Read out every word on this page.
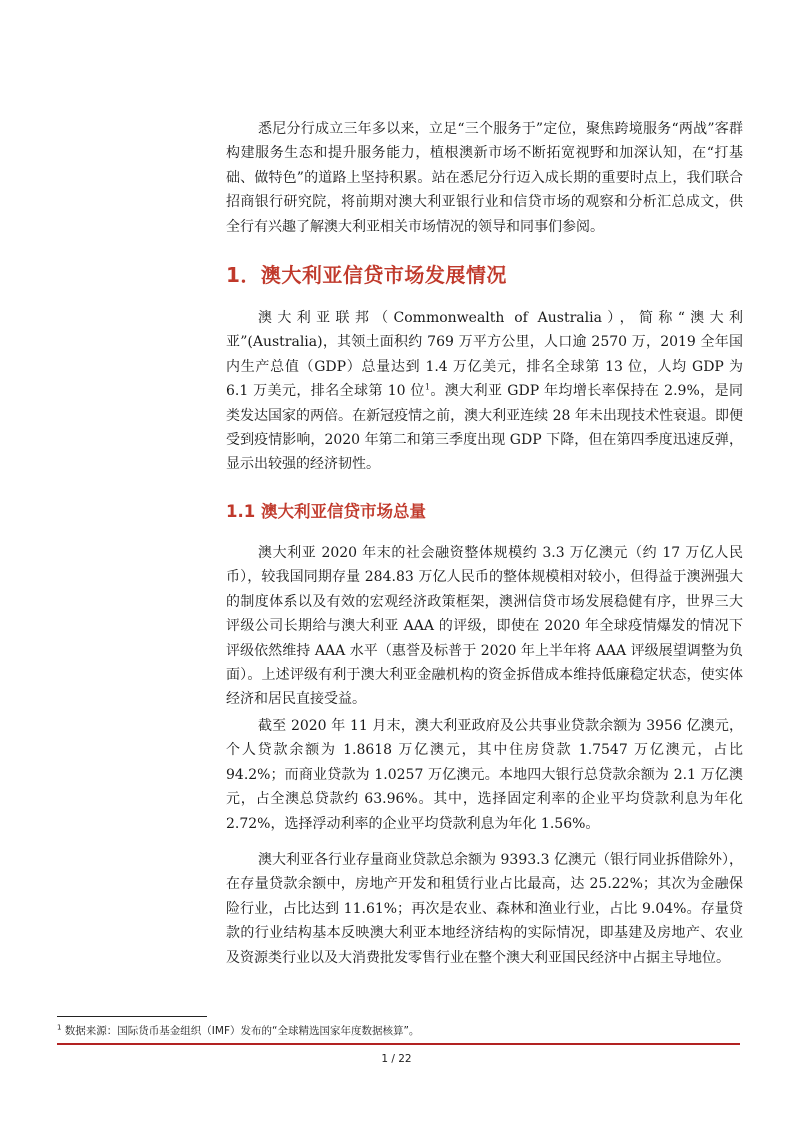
悉尼分行成立三年多以来，立足“三个服务于”定位，聚焦跨境服务“两战”客群构建服务生态和提升服务能力，植根澳新市场不断拓宽视野和加深认知，在“打基础、做特色”的道路上坚持积累。站在悉尼分行迈入成长期的重要时点上，我们联合招商银行研究院，将前期对澳大利亚银行业和信贷市场的观察和分析汇总成文，供全行有兴趣了解澳大利亚相关市场情况的领导和同事们参阅。

1．澳大利亚信贷市场发展情况

澳大利亚联邦（Commonwealth of Australia），简称“澳大利亚”(Australia)，其领土面积约 769 万平方公里，人口逾 2570 万，2019 全年国内生产总值（GDP）总量达到 1.4 万亿美元，排名全球第 13 位，人均 GDP 为 6.1 万美元，排名全球第 10 位$^1$。澳大利亚 GDP 年均增长率保持在 2.9%，是同类发达国家的两倍。在新冠疫情之前，澳大利亚连续 28 年未出现技术性衰退。即便受到疫情影响，2020 年第二和第三季度出现 GDP 下降，但在第四季度迅速反弹，显示出较强的经济韧性。

1.1 澳大利亚信贷市场总量

澳大利亚 2020 年末的社会融资整体规模约 3.3 万亿澳元（约 17 万亿人民币），较我国同期存量 284.83 万亿人民币的整体规模相对较小，但得益于澳洲强大的制度体系以及有效的宏观经济政策框架，澳洲信贷市场发展稳健有序，世界三大评级公司长期给与澳大利亚 AAA 的评级，即使在 2020 年全球疫情爆发的情况下评级依然维持 AAA 水平（惠誉及标普于 2020 年上半年将 AAA 评级展望调整为负面）。上述评级有利于澳大利亚金融机构的资金拆借成本维持低廉稳定状态，使实体经济和居民直接受益。

截至 2020 年 11 月末，澳大利亚政府及公共事业贷款余额为 3956 亿澳元，个人贷款余额为 1.8618 万亿澳元，其中住房贷款 1.7547 万亿澳元，占比 94.2%；而商业贷款为 1.0257 万亿澳元。本地四大银行总贷款余额为 2.1 万亿澳元，占全澳总贷款约 63.96%。其中，选择固定利率的企业平均贷款利息为年化 2.72%，选择浮动利率的企业平均贷款利息为年化 1.56%。

澳大利亚各行业存量商业贷款总余额为 9393.3 亿澳元（银行同业拆借除外），在存量贷款余额中，房地产开发和租赁行业占比最高，达 25.22%；其次为金融保险行业，占比达到 11.61%；再次是农业、森林和渔业行业，占比 9.04%。存量贷款的行业结构基本反映澳大利亚本地经济结构的实际情况，即基建及房地产、农业及资源类行业以及大消费批发零售行业在整个澳大利亚国民经济中占据主导地位。

$^1$ 数据来源：国际货币基金组织（IMF）发布的“全球精选国家年度数据核算”。
1 / 22
